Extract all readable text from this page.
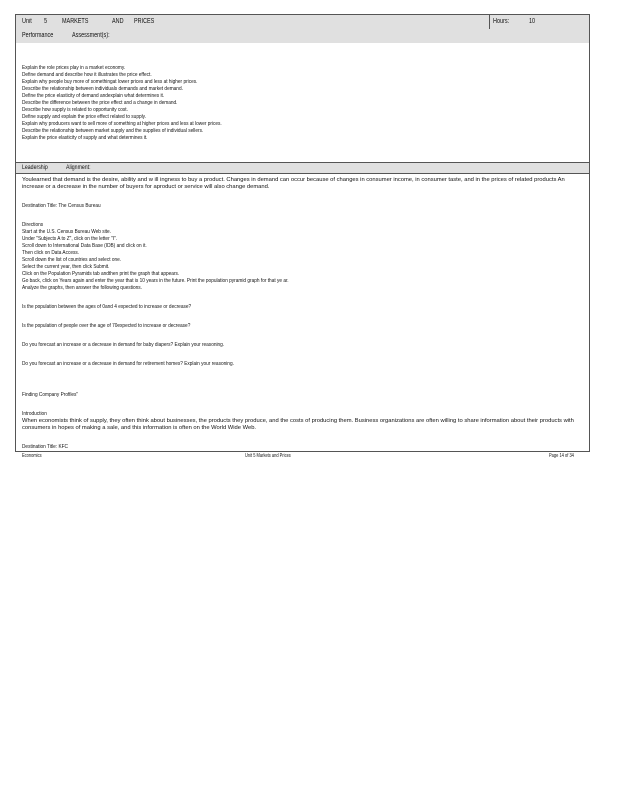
Unit 5 MARKETS	AND PRICES	Hours:	10
Performance	Assessment(s):
Explain the role prices play in a market economy.
Define demand and describe how it illustrates the price effect.
Explain why people buy more of somethingat lower prices and less at higher prices.
Describe the relationship between individuals demands and market demand.
Define the price elasticity of demand andexplain what determines it.
Describe the difference between the price effect and a change in demand.
Describe how supply is related to opportunity cost.
Define supply and explain the price effect related to supply.
Explain why producers want to sell more of something at higher prices and less at lower prices.
Describe the relationship between market supply and the supplies of individual sellers.
Explain the price elasticity of supply and what determines it.
Leadership	Alignment:
Youlearned that demand is the desire, ability and w ill ingness to buy a product. Changes in demand can occur because of changes in consumer income, in consumer taste, and in the prices of related products An increase or a decrease in the number of buyers for aproduct or service will also change demand.
Destination Title: The Census Bureau
Directions
Start at the U.S. Census Bureau Web site.
Under "Subjects A to Z", click on the letter "I".
Scroll down to International Data Base (IDB) and click on it.
Then click on Data Access.
Scroll down the list of countries and select one.
Select the current year, then click Submit.
Click on the Population Pyramids tab andthen print the graph that appears.
Go back, click on Years again and enter the year that is 10 years in the future. Print the population pyramid graph for that ye ar.
Analyze the graphs, then answer the following questions.
Is the population between the ages of 0and 4 expected to increase or decrease?
Is the population of people over the age of 70expected to increase or decrease?
Do you forecast an increase or a decrease in demand for baby diapers? Explain your reasoning.
Do you forecast an increase or a decrease in demand for retirement homes? Explain your reasoning.
Finding Company Profiles"
Introduction
When economists think of supply, they often think about businesses, the products they produce, and the costs of producing them. Business organizations are often willing to share information about their products with consumers in hopes of making a sale, and this information is often on the World Wide Web.
Destination Title: KFC
Economics	Unit 5 Markets and Prices	Page 14 of 34
